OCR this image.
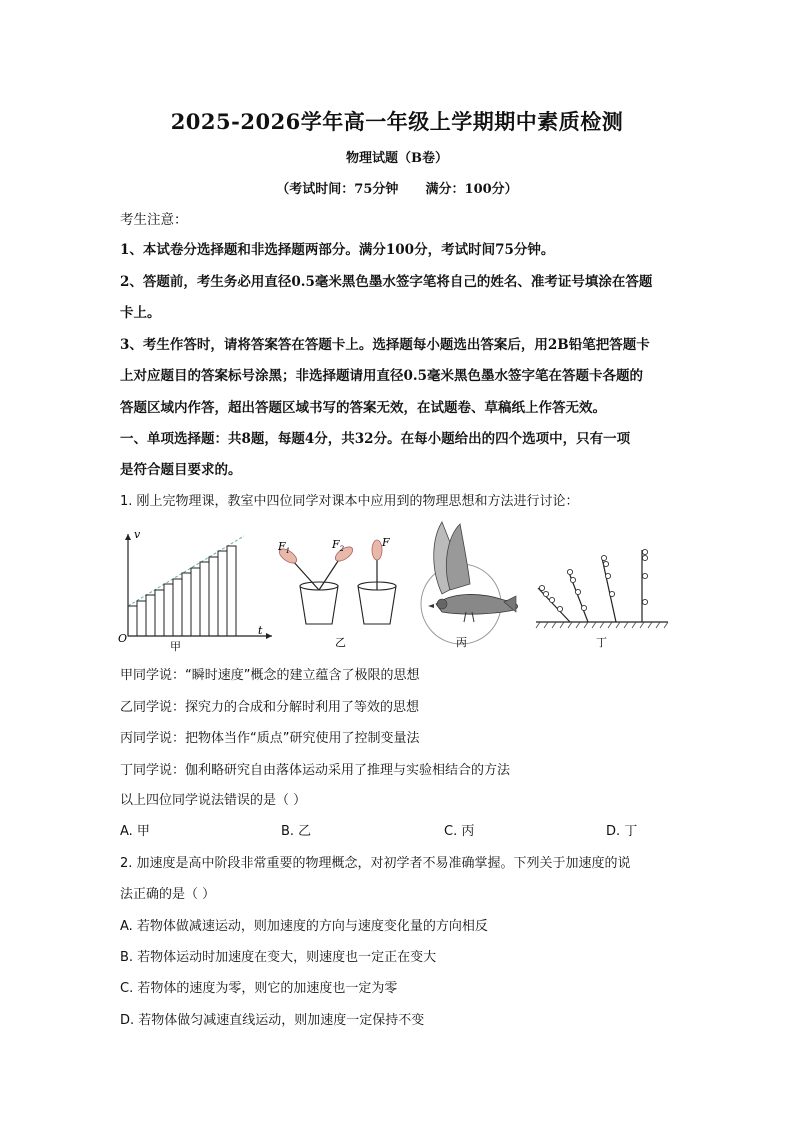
2025-2026学年高一年级上学期期中素质检测
物理试题（B卷）
（考试时间：75分钟      满分：100分）
考生注意：
1、本试卷分选择题和非选择题两部分。满分100分，考试时间75分钟。
2、答题前，考生务必用直径0.5毫米黑色墨水签字笔将自己的姓名、准考证号填涂在答题
卡上。
3、考生作答时，请将答案答在答题卡上。选择题每小题选出答案后，用2B铅笔把答题卡
上对应题目的答案标号涂黑；非选择题请用直径0.5毫米黑色墨水签字笔在答题卡各题的
答题区域内作答，超出答题区域书写的答案无效，在试题卷、草稿纸上作答无效。
一、单项选择题：共8题，每题4分，共32分。在每小题给出的四个选项中，只有一项
是符合题目要求的。
1. 刚上完物理课，教室中四位同学对课本中应用到的物理思想和方法进行讨论：
v
t
O
甲
$F_1$	$F_2$	F
乙	丙	丁
甲同学说：“瞬时速度”概念的建立蕴含了极限的思想
乙同学说：探究力的合成和分解时利用了等效的思想
丙同学说：把物体当作“质点”研究使用了控制变量法
丁同学说：伽利略研究自由落体运动采用了推理与实验相结合的方法
以上四位同学说法错误的是（ ）
A. 甲	B. 乙	C. 丙	D. 丁
2. 加速度是高中阶段非常重要的物理概念，对初学者不易准确掌握。下列关于加速度的说
法正确的是（ ）
A. 若物体做减速运动，则加速度的方向与速度变化量的方向相反
B. 若物体运动时加速度在变大，则速度也一定正在变大
C. 若物体的速度为零，则它的加速度也一定为零
D. 若物体做匀减速直线运动，则加速度一定保持不变
